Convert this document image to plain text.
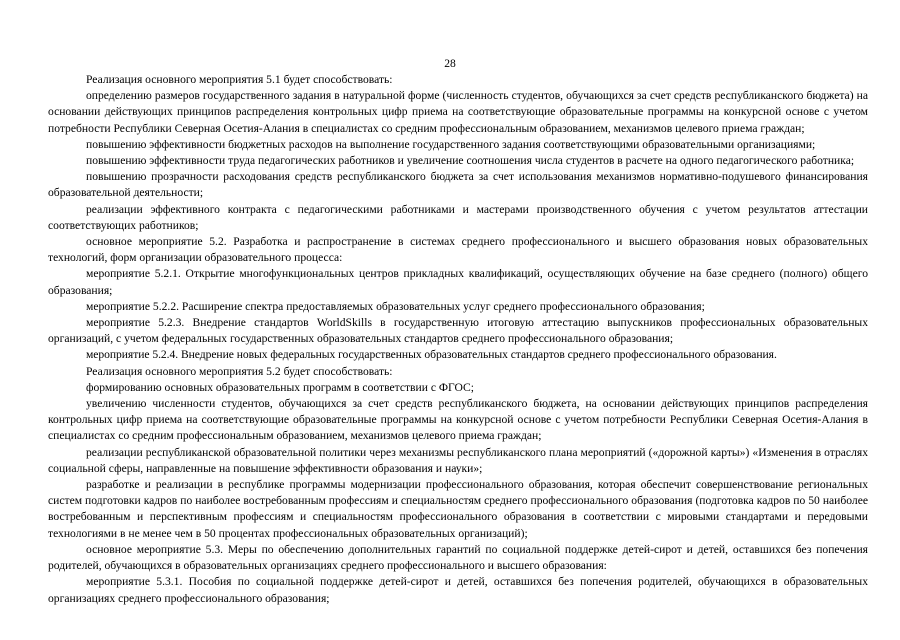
28

Реализация основного мероприятия 5.1 будет способствовать:

определению размеров государственного задания в натуральной форме (численность студентов, обучающихся за счет средств республиканского бюджета) на основании действующих принципов распределения контрольных цифр приема на соответствующие образовательные программы на конкурсной основе с учетом потребности Республики Северная Осетия-Алания в специалистах со средним профессиональным образованием, механизмов целевого приема граждан;

повышению эффективности бюджетных расходов на выполнение государственного задания соответствующими образовательными организациями;

повышению эффективности труда педагогических работников и увеличение соотношения числа студентов в расчете на одного педагогического работника;

повышению прозрачности расходования средств республиканского бюджета за счет использования механизмов нормативно-подушевого финансирования образовательной деятельности;

реализации эффективного контракта с педагогическими работниками и мастерами производственного обучения с учетом результатов аттестации соответствующих работников;

основное мероприятие 5.2. Разработка и распространение в системах среднего профессионального и высшего образования новых образовательных технологий, форм организации образовательного процесса:

мероприятие 5.2.1. Открытие многофункциональных центров прикладных квалификаций, осуществляющих обучение на базе среднего (полного) общего образования;

мероприятие 5.2.2. Расширение спектра предоставляемых образовательных услуг среднего профессионального образования;

мероприятие 5.2.3. Внедрение стандартов WorldSkills в государственную итоговую аттестацию выпускников профессиональных образовательных организаций, с учетом федеральных государственных образовательных стандартов среднего профессионального образования;

мероприятие 5.2.4. Внедрение новых федеральных государственных образовательных стандартов среднего профессионального образования.

Реализация основного мероприятия 5.2 будет способствовать:

формированию основных образовательных программ в соответствии с ФГОС;

увеличению численности студентов, обучающихся за счет средств республиканского бюджета, на основании действующих принципов распределения контрольных цифр приема на соответствующие образовательные программы на конкурсной основе с учетом потребности Республики Северная Осетия-Алания в специалистах со средним профессиональным образованием, механизмов целевого приема граждан;

реализации республиканской образовательной политики через механизмы республиканского плана мероприятий («дорожной карты») «Изменения в отраслях социальной сферы, направленные на повышение эффективности образования и науки»;

разработке и реализации в республике программы модернизации профессионального образования, которая обеспечит совершенствование региональных систем подготовки кадров по наиболее востребованным профессиям и специальностям среднего профессионального образования (подготовка кадров по 50 наиболее востребованным и перспективным профессиям и специальностям профессионального образования в соответствии с мировыми стандартами и передовыми технологиями в не менее чем в 50 процентах профессиональных образовательных организаций);

основное мероприятие 5.3. Меры по обеспечению дополнительных гарантий по социальной поддержке детей-сирот и детей, оставшихся без попечения родителей, обучающихся в образовательных организациях среднего профессионального и высшего образования:

мероприятие 5.3.1. Пособия по социальной поддержке детей-сирот и детей, оставшихся без попечения родителей, обучающихся в образовательных организациях среднего профессионального образования;
